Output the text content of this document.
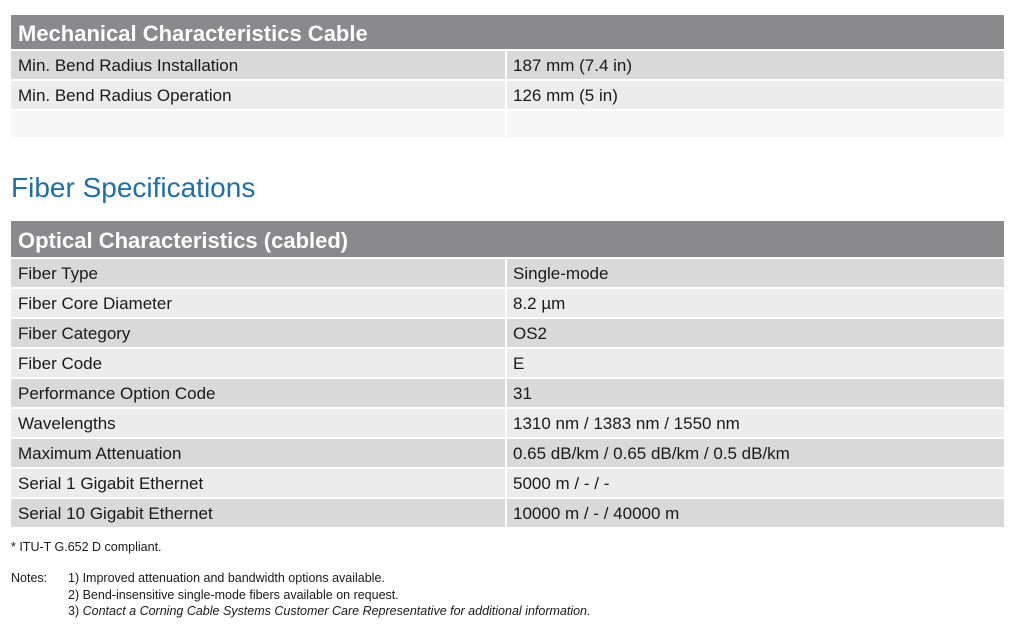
Mechanical Characteristics Cable
Min. Bend Radius Installation	187 mm (7.4 in)
Min. Bend Radius Operation	126 mm (5 in)
Fiber Specifications
Optical Characteristics (cabled)
Fiber Type	Single-mode
Fiber Core Diameter	8.2 µm
Fiber Category	OS2
Fiber Code	E
Performance Option Code	31
Wavelengths	1310 nm / 1383 nm / 1550 nm
Maximum Attenuation	0.65 dB/km / 0.65 dB/km / 0.5 dB/km
Serial 1 Gigabit Ethernet	5000 m / - / -
Serial 10 Gigabit Ethernet	10000 m / - / 40000 m
* ITU-T G.652 D compliant.
Notes: 1) Improved attenuation and bandwidth options available.
2) Bend-insensitive single-mode fibers available on request.
3) Contact a Corning Cable Systems Customer Care Representative for additional information.
